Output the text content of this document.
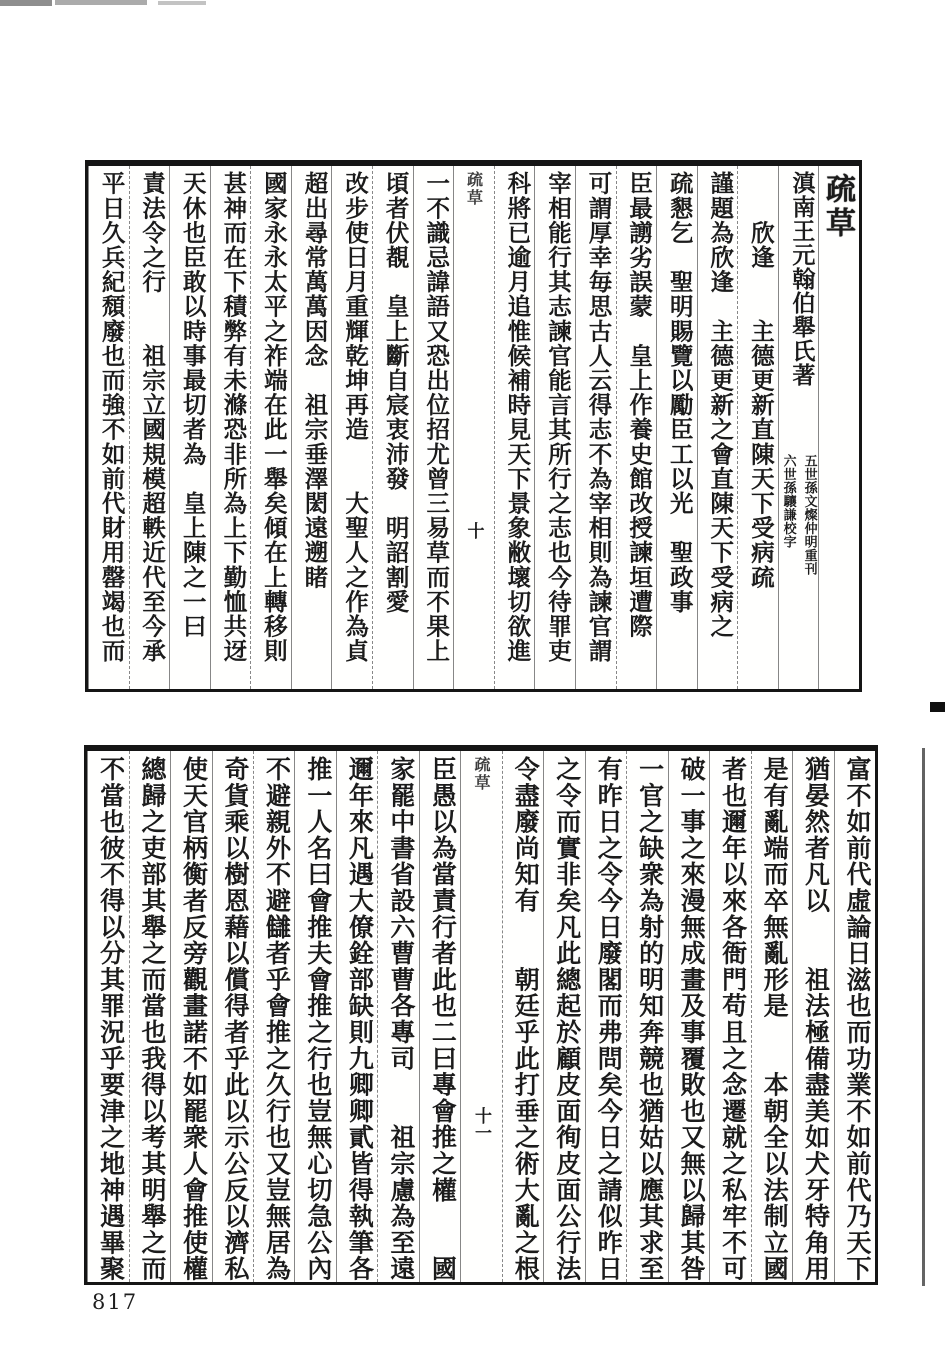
疏草
滇南王元翰伯舉氏著
五世孫文燦仲明重刊
六世孫驤謙校字
　　欣逢　　主德更新直陳天下受病疏
謹題為欣逢　主德更新之會直陳天下受病之
疏懇乞　聖明賜覽以勵臣工以光　聖政事
臣最謭劣誤蒙　皇上作養史館改授諫垣遭際
可謂厚幸毎思古人云得志不為宰相則為諫官謂
宰相能行其志諫官能言其所行之志也今待罪吏
科將已逾月追惟候補時見天下景象敝壞切欲進
疏草
十
一不識忌諱語又恐出位招尤曾三易草而不果上
頃者伏覩　皇上斷自宸衷沛發　明詔割愛
改步使日月重輝乾坤再造　　大聖人之作為貞
超出尋常萬萬因念　祖宗垂澤閎遠遡睹
國家永永太平之祚端在此一舉矣傾在上轉移則
甚神而在下積弊有未滌恐非所為上下勤恤共迓
天休也臣敢以時事最切者為　皇上陳之一曰
責法令之行　　祖宗立國規模超軼近代至今承
平日久兵紀頹廢也而強不如前代財用罄竭也而
富不如前代虛論日滋也而功業不如前代乃天下
猶晏然者凡以　　祖法極備盡美如犬牙特角用
是有亂端而卒無亂形是　　本朝全以法制立國
者也邇年以來各衙門苟且之念遷就之私牢不可
破一事之來漫無成畫及事覆敗也又無以歸其咎
一官之缺衆為射的明知奔競也猶姑以應其求至
有昨日之令今日廢閣而弗問矣今日之請似昨日
之令而實非矣凡此總起於顧皮面徇皮面公行法
令盡廢尚知有　　朝廷乎此打垂之術大亂之根
疏草
十一
臣愚以為當責行者此也二曰專會推之權　　國
家罷中書省設六曹曹各專司　　祖宗慮為至遠
邇年來凡遇大僚銓部缺則九卿卿貳皆得執筆各
推一人名曰會推夫會推之行也豈無心切急公內
不避親外不避讎者乎會推之久行也又豈無居為
奇貨乘以樹恩藉以償得者乎此以示公反以濟私
使天官柄衡者反旁觀畫諾不如罷衆人會推使權
總歸之吏部其舉之而當也我得以考其明舉之而
不當也彼不得以分其罪況乎要津之地神遇畢聚
817
